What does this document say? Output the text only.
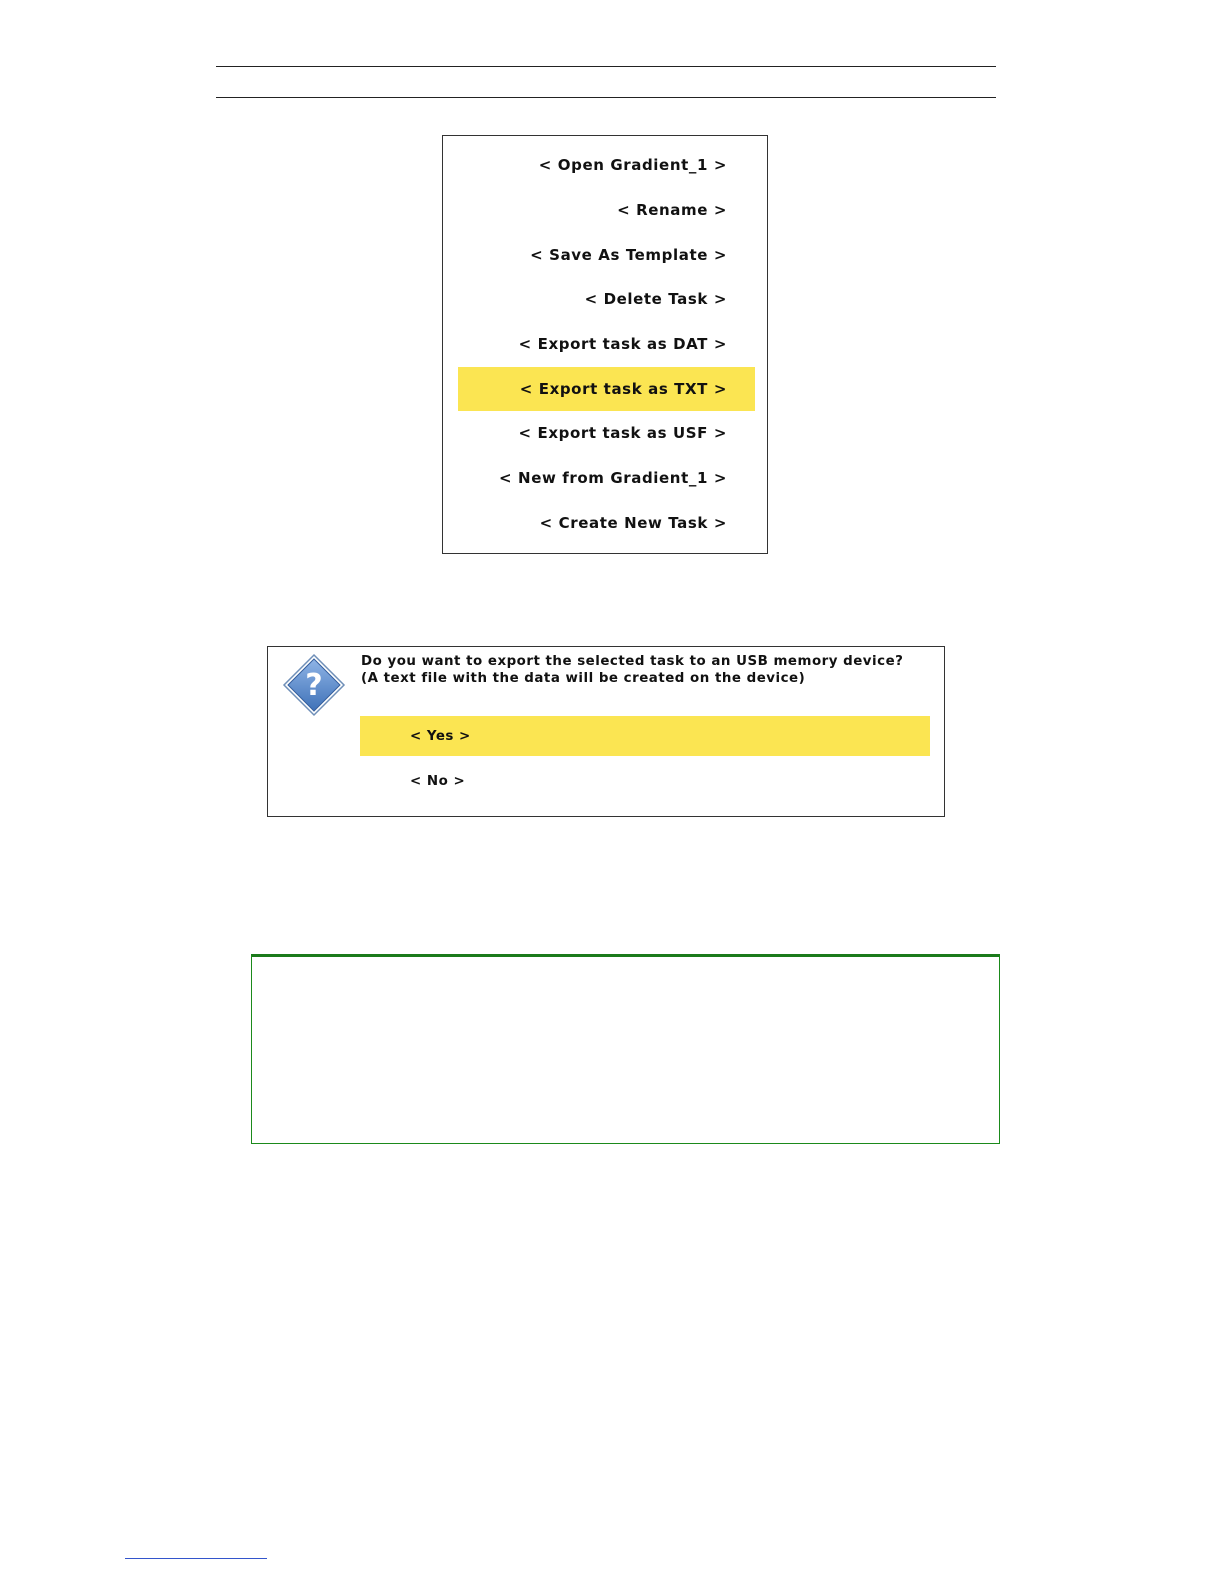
< Open Gradient_1 >
< Rename >
< Save As Template >
< Delete Task >
< Export task as DAT >
< Export task as TXT >
< Export task as USF >
< New from Gradient_1 >
< Create New Task >
?
Do you want to export the selected task to an USB memory device?
(A text file with the data will be created on the device)
< Yes >
< No >
